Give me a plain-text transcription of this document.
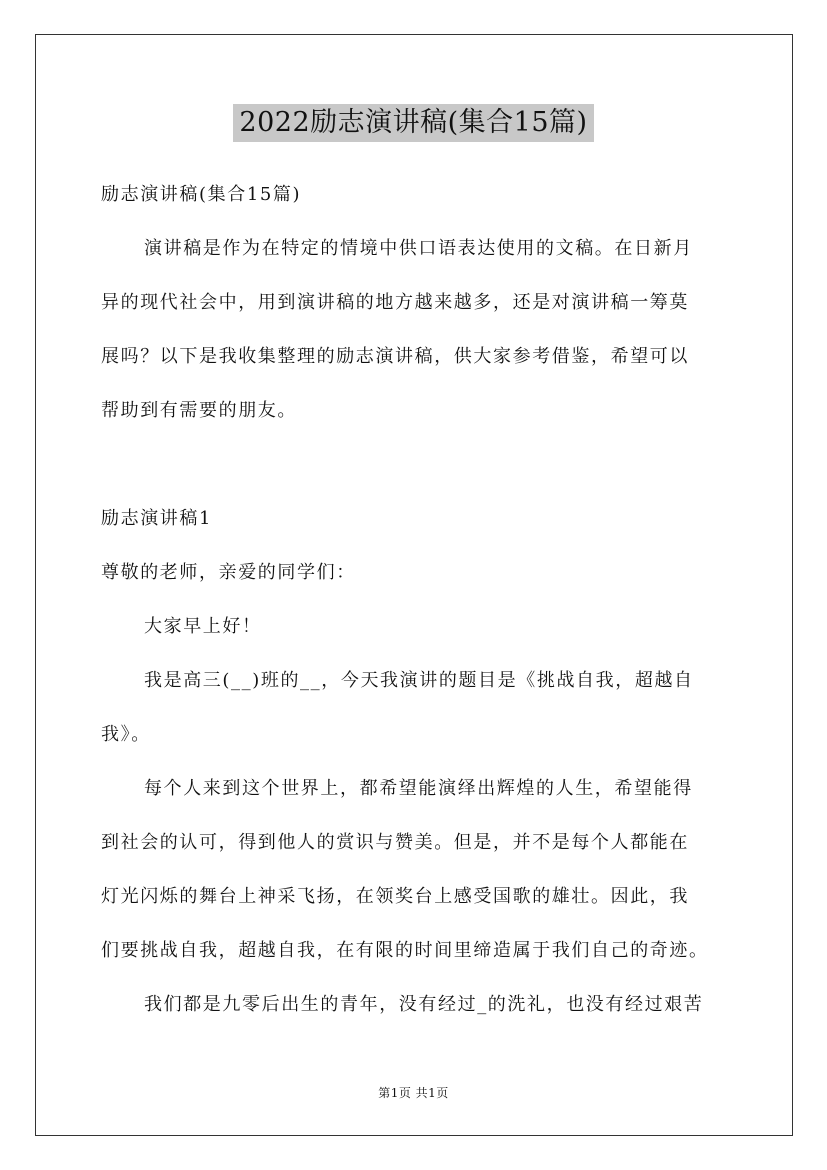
2022励志演讲稿(集合15篇)
励志演讲稿(集合15篇)
演讲稿是作为在特定的情境中供口语表达使用的文稿。在日新月
异的现代社会中，用到演讲稿的地方越来越多，还是对演讲稿一筹莫
展吗？以下是我收集整理的励志演讲稿，供大家参考借鉴，希望可以
帮助到有需要的朋友。
励志演讲稿1
尊敬的老师，亲爱的同学们：
大家早上好！
我是高三(__)班的__，今天我演讲的题目是《挑战自我，超越自
我》。
每个人来到这个世界上，都希望能演绎出辉煌的人生，希望能得
到社会的认可，得到他人的赏识与赞美。但是，并不是每个人都能在
灯光闪烁的舞台上神采飞扬，在领奖台上感受国歌的雄壮。因此，我
们要挑战自我，超越自我，在有限的时间里缔造属于我们自己的奇迹。
我们都是九零后出生的青年，没有经过_的洗礼，也没有经过艰苦
第1页 共1页
